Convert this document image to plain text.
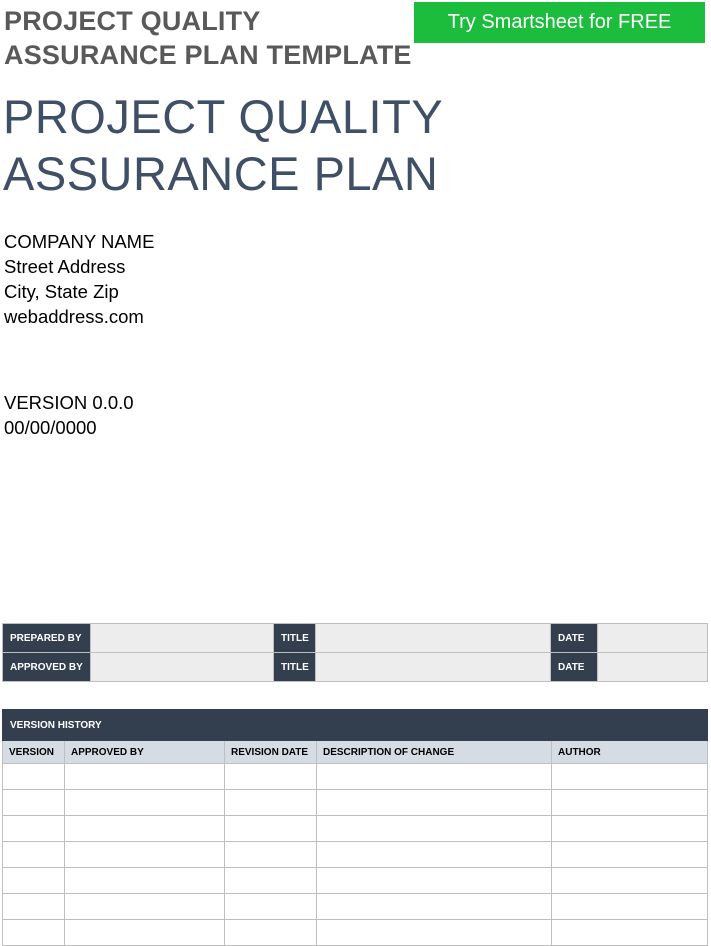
PROJECT QUALITY
ASSURANCE PLAN TEMPLATE
Try Smartsheet for FREE
PROJECT QUALITY
ASSURANCE PLAN
COMPANY NAME
Street Address
City, State Zip
webaddress.com
VERSION 0.0.0
00/00/0000
PREPARED BY		TITLE		DATE	
APPROVED BY		TITLE		DATE	
VERSION HISTORY				
VERSION	APPROVED BY	REVISION DATE	DESCRIPTION OF CHANGE	AUTHOR
